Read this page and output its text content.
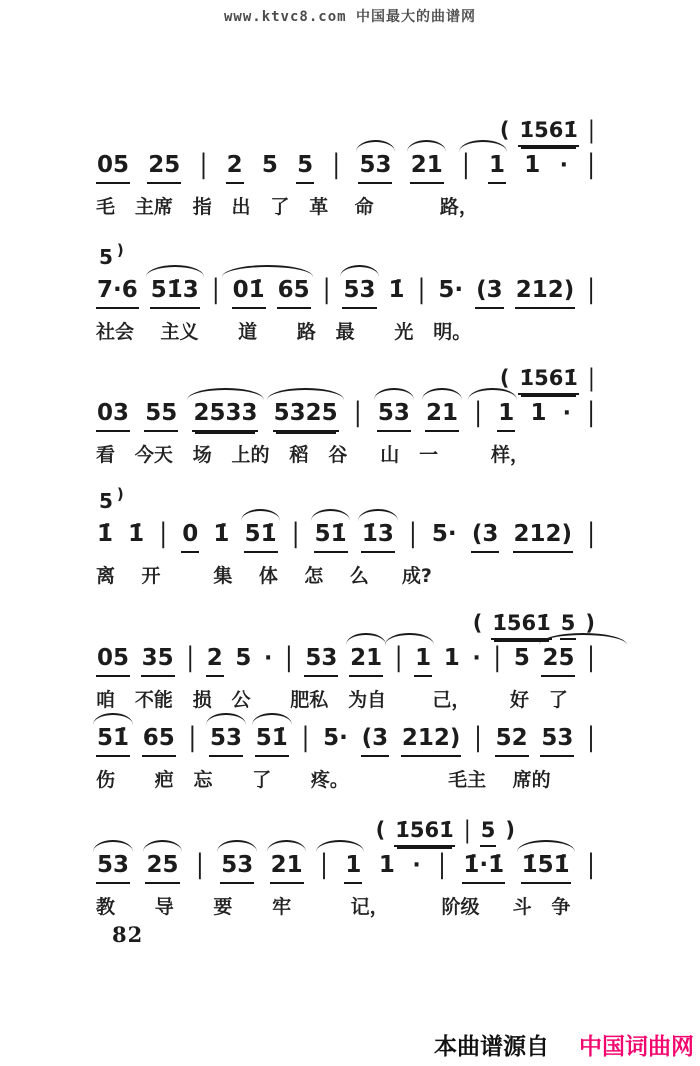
www.ktvc8.com 中国最大的曲谱网
( 1̇561̇ |
05 25 | 2 5 5 | 53 21 | 1 1 · |
毛   主席   指   出   了   革    命          路，
5 )
7·6 51̇3 | 01̇ 65 | 53 1̇ | 5· (3 212) |
社会    主义      道      路   最      光   明。
( 1̇561̇ |
03 55 2533 5325 | 53 21 | 1 1 · |
看   今天   场   上的   稻   谷     山   一        样，
5 )
1̇ 1̇ | 0 1̇ 51̇ | 51̇ 1̇3 | 5· (3 212) |
离    开        集    体    怎    么     成?
( 1̇561̇ 5 )
05 35 | 2 5 · | 53 21 | 1 1 · | 5 25 |
咱   不能   损   公      肥私   为自       己，      好   了
51̇ 65 | 53 51̇ | 5· (3 212) | 52 53 |
伤      疤   忘      了      疼。               毛主    席的
( 1̇561̇ | 5 )
53 25 | 53 21 | 1 1 · | 1̇·1̇ 1̇51̇ |
教      导      要      牢         记，        阶级     斗   争
82
本曲谱源自 中国词曲网
